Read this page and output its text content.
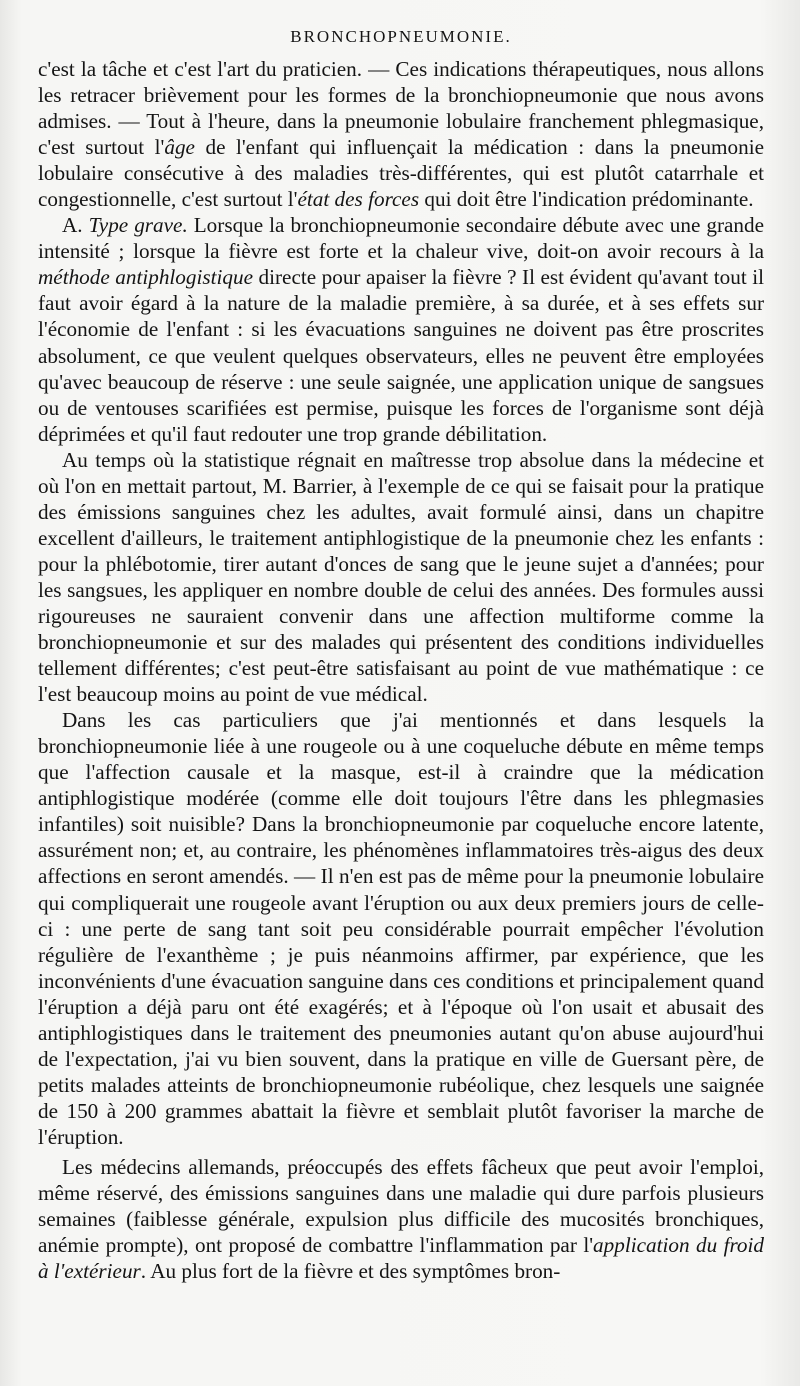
BRONCHOPNEUMONIE.

c'est la tâche et c'est l'art du praticien. — Ces indications thérapeutiques, nous allons les retracer brièvement pour les formes de la bronchiopneumonie que nous avons admises. — Tout à l'heure, dans la pneumonie lobulaire franchement phlegmasique, c'est surtout l'âge de l'enfant qui influençait la médication : dans la pneumonie lobulaire consécutive à des maladies très-différentes, qui est plutôt catarrhale et congestionnelle, c'est surtout l'état des forces qui doit être l'indication prédominante.

A. Type grave. Lorsque la bronchiopneumonie secondaire débute avec une grande intensité ; lorsque la fièvre est forte et la chaleur vive, doit-on avoir recours à la méthode antiphlogistique directe pour apaiser la fièvre ? Il est évident qu'avant tout il faut avoir égard à la nature de la maladie première, à sa durée, et à ses effets sur l'économie de l'enfant : si les évacuations sanguines ne doivent pas être proscrites absolument, ce que veulent quelques observateurs, elles ne peuvent être employées qu'avec beaucoup de réserve : une seule saignée, une application unique de sangsues ou de ventouses scarifiées est permise, puisque les forces de l'organisme sont déjà déprimées et qu'il faut redouter une trop grande débilitation.

Au temps où la statistique régnait en maîtresse trop absolue dans la médecine et où l'on en mettait partout, M. Barrier, à l'exemple de ce qui se faisait pour la pratique des émissions sanguines chez les adultes, avait formulé ainsi, dans un chapitre excellent d'ailleurs, le traitement antiphlogistique de la pneumonie chez les enfants : pour la phlébotomie, tirer autant d'onces de sang que le jeune sujet a d'années; pour les sangsues, les appliquer en nombre double de celui des années. Des formules aussi rigoureuses ne sauraient convenir dans une affection multiforme comme la bronchiopneumonie et sur des malades qui présentent des conditions individuelles tellement différentes; c'est peut-être satisfaisant au point de vue mathématique : ce l'est beaucoup moins au point de vue médical.

Dans les cas particuliers que j'ai mentionnés et dans lesquels la bronchiopneumonie liée à une rougeole ou à une coqueluche débute en même temps que l'affection causale et la masque, est-il à craindre que la médication antiphlogistique modérée (comme elle doit toujours l'être dans les phlegmasies infantiles) soit nuisible? Dans la bronchiopneumonie par coqueluche encore latente, assurément non; et, au contraire, les phénomènes inflammatoires très-aigus des deux affections en seront amendés. — Il n'en est pas de même pour la pneumonie lobulaire qui compliquerait une rougeole avant l'éruption ou aux deux premiers jours de celle-ci : une perte de sang tant soit peu considérable pourrait empêcher l'évolution régulière de l'exanthème ; je puis néanmoins affirmer, par expérience, que les inconvénients d'une évacuation sanguine dans ces conditions et principalement quand l'éruption a déjà paru ont été exagérés; et à l'époque où l'on usait et abusait des antiphlogistiques dans le traitement des pneumonies autant qu'on abuse aujourd'hui de l'expectation, j'ai vu bien souvent, dans la pratique en ville de Guersant père, de petits malades atteints de bronchiopneumonie rubéolique, chez lesquels une saignée de 150 à 200 grammes abattait la fièvre et semblait plutôt favoriser la marche de l'éruption.

Les médecins allemands, préoccupés des effets fâcheux que peut avoir l'emploi, même réservé, des émissions sanguines dans une maladie qui dure parfois plusieurs semaines (faiblesse générale, expulsion plus difficile des mucosités bronchiques, anémie prompte), ont proposé de combattre l'inflammation par l'application du froid à l'extérieur. Au plus fort de la fièvre et des symptômes bron-
